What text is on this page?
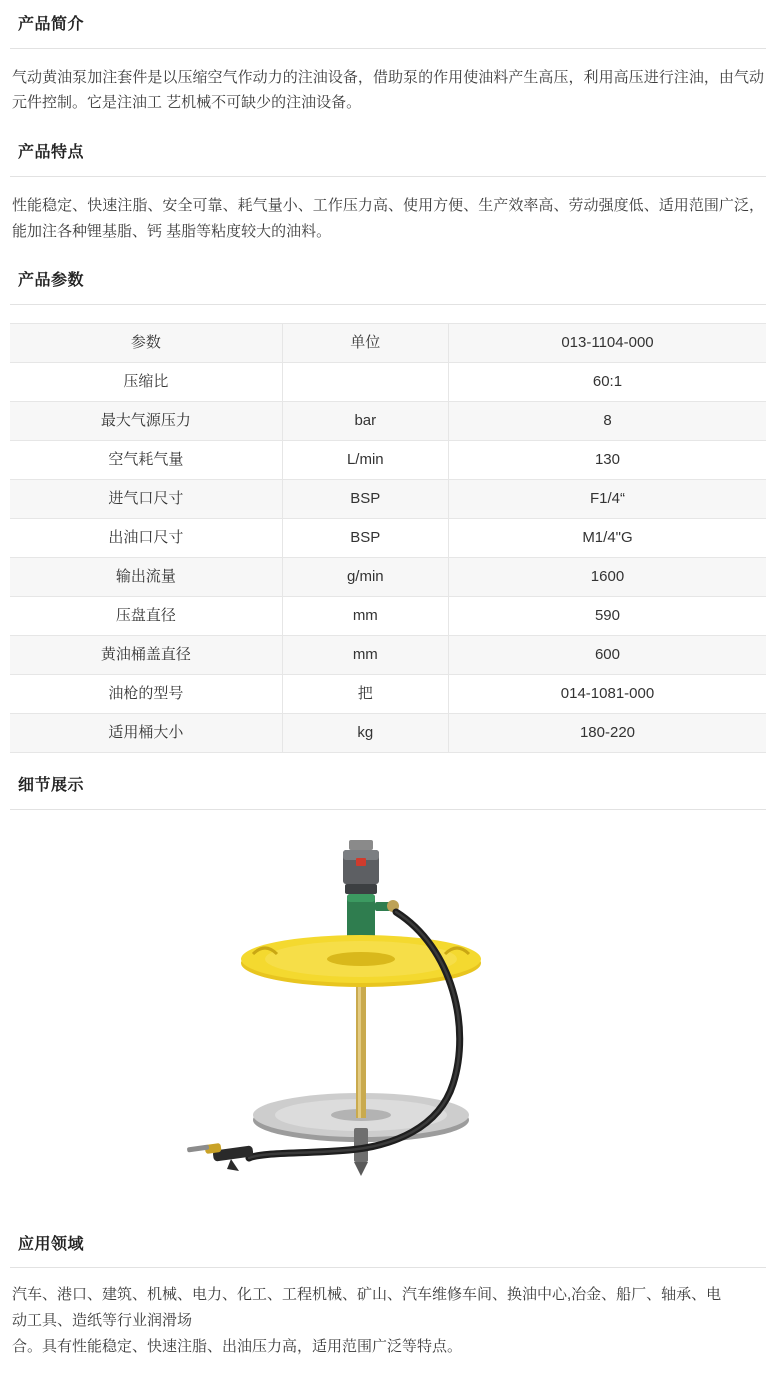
产品简介

气动黄油泵加注套件是以压缩空气作动力的注油设备，借助泵的作用使油料产生高压，利用高压进行注油，由气动元件控制。它是注油工 艺机械不可缺少的注油设备。

产品特点

性能稳定、快速注脂、安全可靠、耗气量小、工作压力高、使用方便、生产效率高、劳动强度低、适用范围广泛，能加注各种锂基脂、钙 基脂等粘度较大的油料。

产品参数
参数	单位	013-1104-000
压缩比		60:1
最大气源压力	bar	8
空气耗气量	L/min	130
进气口尺寸	BSP	F1/4“
出油口尺寸	BSP	M1/4"G
输出流量	g/min	1600
压盘直径	mm	590
黄油桶盖直径	mm	600
油枪的型号	把	014-1081-000
适用桶大小	kg	180-220
细节展示
应用领域

汽车、港口、建筑、机械、电力、化工、工程机械、矿山、汽车维修车间、换油中心,冶金、船厂、轴承、电

动工具、造纸等行业润滑场

合。具有性能稳定、快速注脂、出油压力高，适用范围广泛等特点。
